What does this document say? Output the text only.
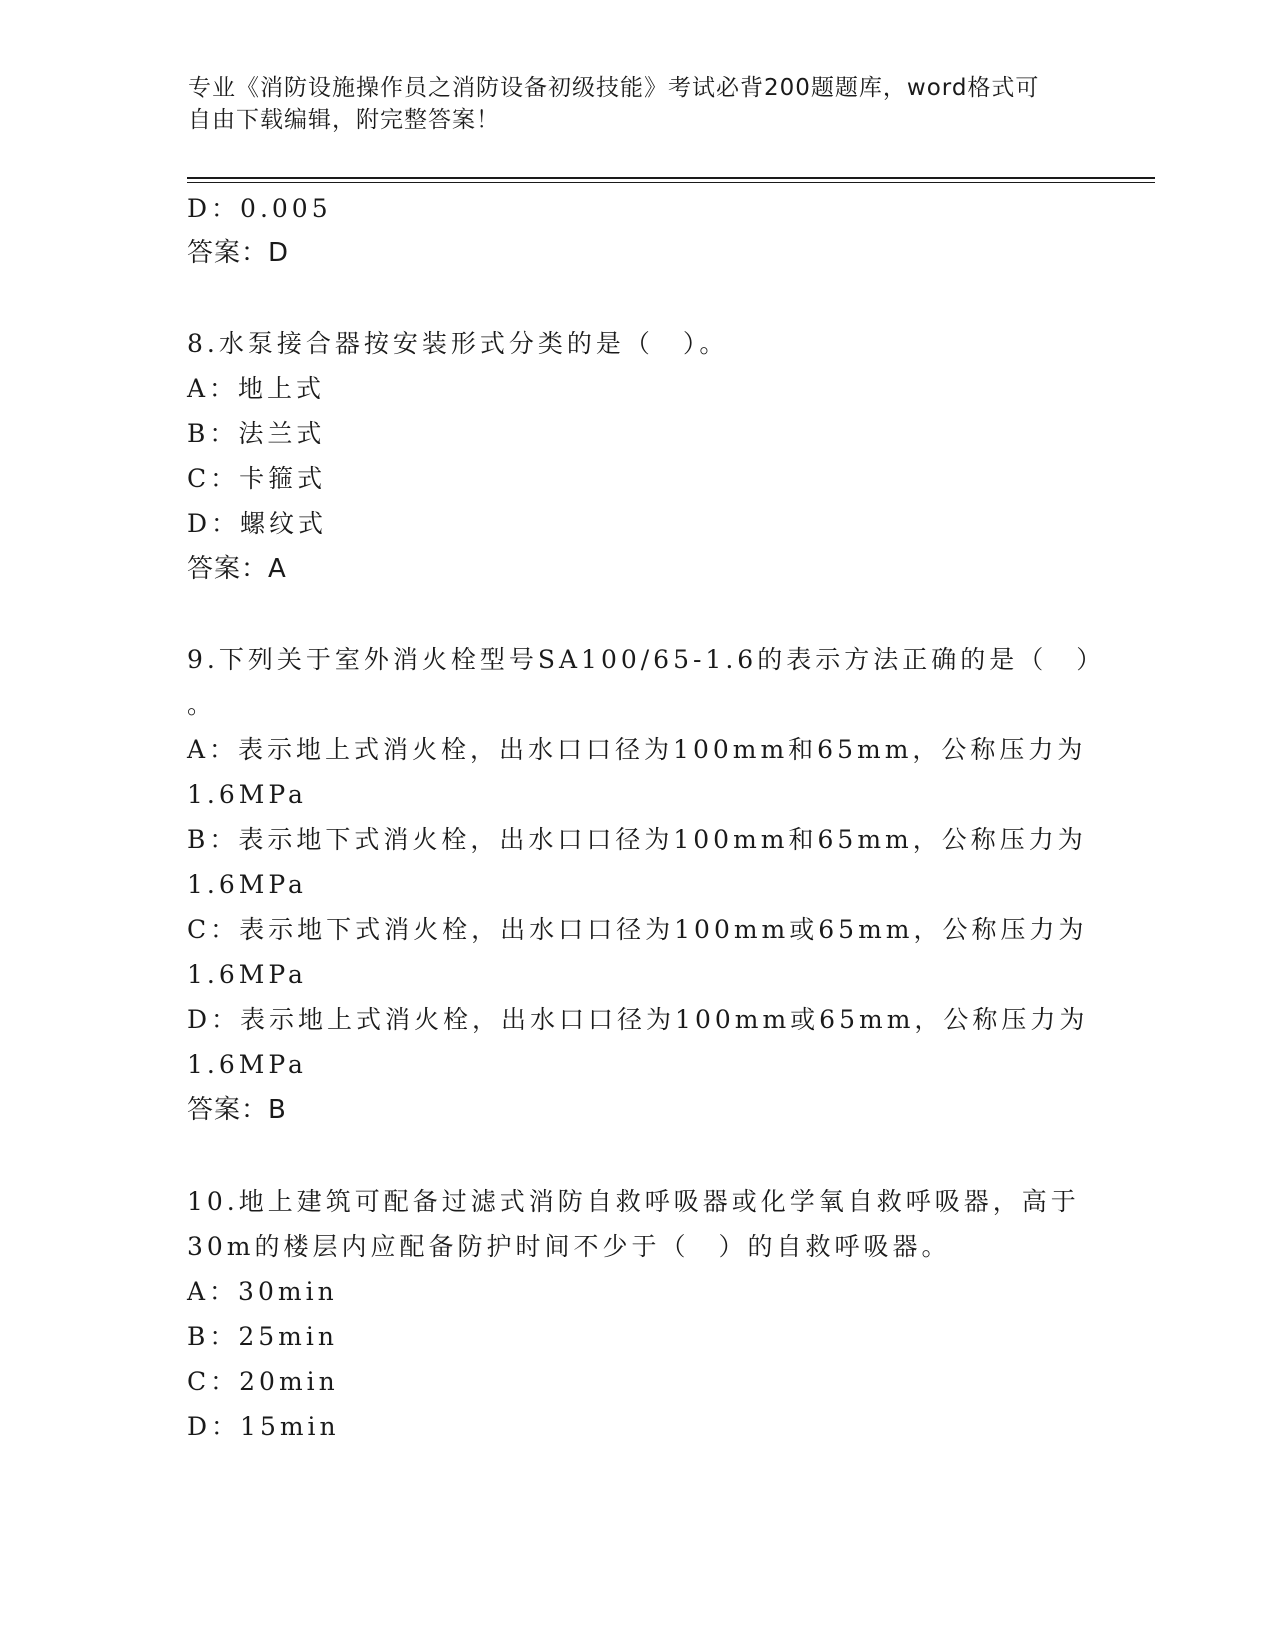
专业《消防设施操作员之消防设备初级技能》考试必背200题题库，word格式可
自由下载编辑，附完整答案！
D：0.005
答案：D
8.水泵接合器按安装形式分类的是（　）。
A：地上式
B：法兰式
C：卡箍式
D：螺纹式
答案：A
9.下列关于室外消火栓型号SA100/65-1.6的表示方法正确的是（　）
。
A：表示地上式消火栓，出水口口径为100mm和65mm，公称压力为
1.6MPa
B：表示地下式消火栓，出水口口径为100mm和65mm，公称压力为
1.6MPa
C：表示地下式消火栓，出水口口径为100mm或65mm，公称压力为
1.6MPa
D：表示地上式消火栓，出水口口径为100mm或65mm，公称压力为
1.6MPa
答案：B
10.地上建筑可配备过滤式消防自救呼吸器或化学氧自救呼吸器，高于
30m的楼层内应配备防护时间不少于（　）的自救呼吸器。
A：30min
B：25min
C：20min
D：15min
